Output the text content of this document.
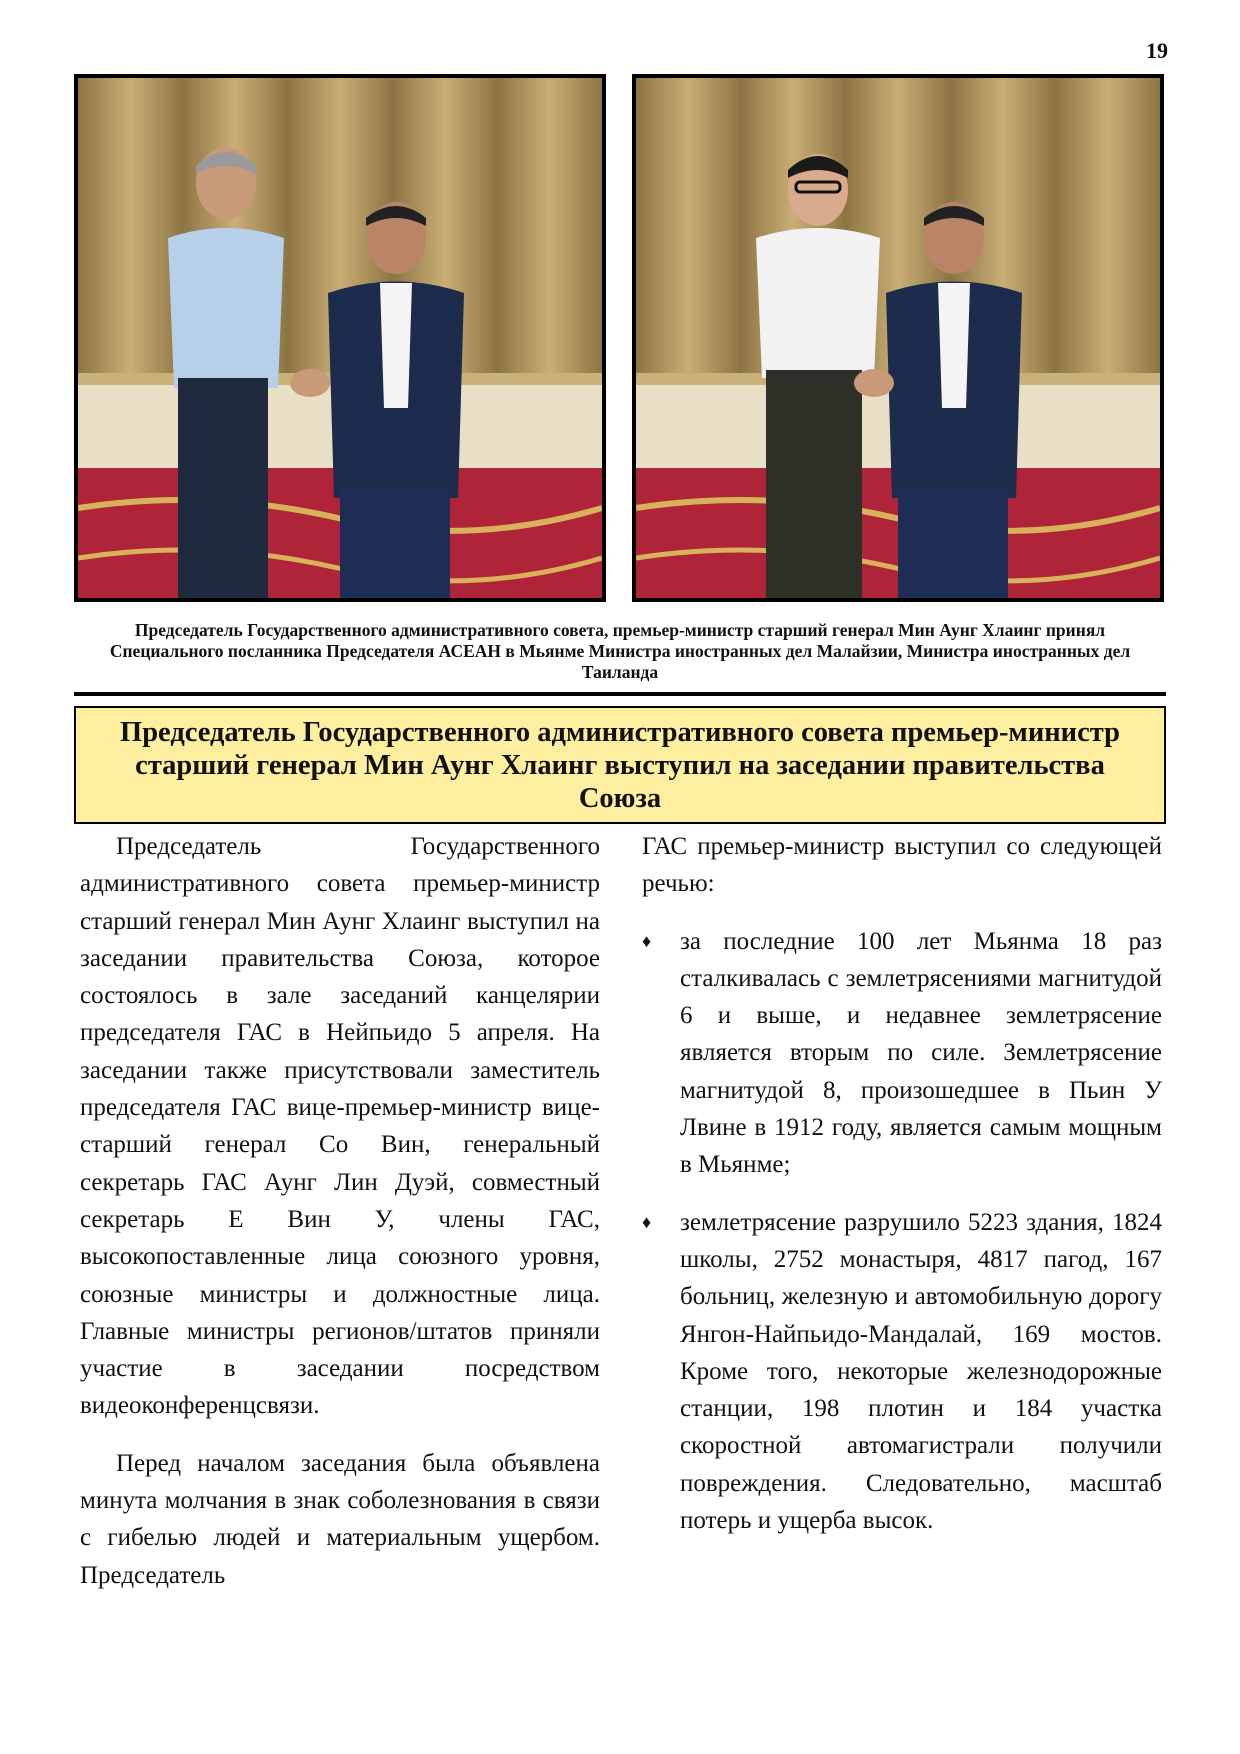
19
Председатель Государственного административного совета, премьер-министр старший генерал Мин Аунг Хлаинг принял Специального посланника Председателя АСЕАН в Мьянме Министра иностранных дел Малайзии, Министра иностранных дел Таиланда
Председатель Государственного административного совета премьер-министр старший генерал Мин Аунг Хлаинг выступил на заседании правительства Союза

Председатель Государственного административного совета премьер-министр старший генерал Мин Аунг Хлаинг выступил на заседании правительства Союза, которое состоялось в зале заседаний канцелярии председателя ГАС в Нейпьидо 5 апреля. На заседании также присутствовали заместитель председателя ГАС вице-премьер-министр вице-старший генерал Со Вин, генеральный секретарь ГАС Аунг Лин Дуэй, совместный секретарь Е Вин У, члены ГАС, высокопоставленные лица союзного уровня, союзные министры и должностные лица. Главные министры регионов/штатов приняли участие в заседании посредством видеоконференцсвязи.

Перед началом заседания была объявлена минута молчания в знак соболезнования в связи с гибелью людей и материальным ущербом. Председатель

ГАС премьер-министр выступил со следующей речью:

♦ за последние 100 лет Мьянма 18 раз сталкивалась с землетрясениями магнитудой 6 и выше, и недавнее землетрясение является вторым по силе. Землетрясение магнитудой 8, произошедшее в Пьин У Лвине в 1912 году, является самым мощным в Мьянме;
♦ землетрясение разрушило 5223 здания, 1824 школы, 2752 монастыря, 4817 пагод, 167 больниц, железную и автомобильную дорогу Янгон-Найпьидо-Мандалай, 169 мостов. Кроме того, некоторые железнодорожные станции, 198 плотин и 184 участка скоростной автомагистрали получили повреждения. Следовательно, масштаб потерь и ущерба высок.
